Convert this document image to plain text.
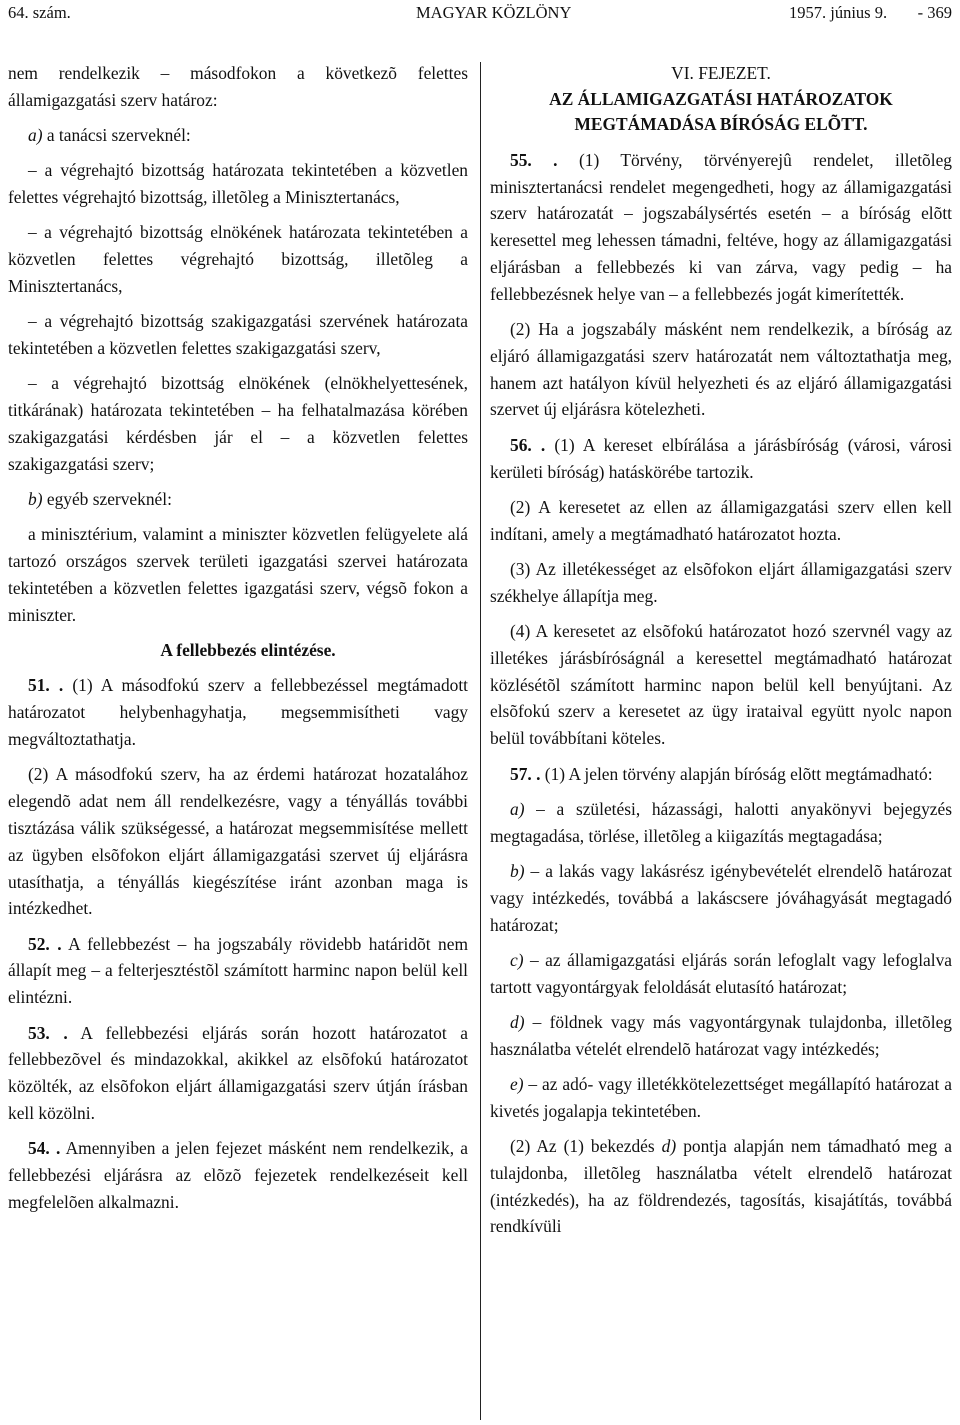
64. szám.	MAGYAR KÖZLÖNY	1957. június 9. - 369

nem rendelkezik – másodfokon a következõ felettes államigazgatási szerv határoz:

a) a tanácsi szerveknél:

– a végrehajtó bizottság határozata tekintetében a közvetlen felettes végrehajtó bizottság, illetõleg a Minisztertanács,

– a végrehajtó bizottság elnökének határozata tekintetében a közvetlen felettes végrehajtó bizottság, illetõleg a Minisztertanács,

– a végrehajtó bizottság szakigazgatási szervének határozata tekintetében a közvetlen felettes szakigazgatási szerv,

– a végrehajtó bizottság elnökének (elnökhelyettesének, titkárának) határozata tekintetében – ha felhatalmazása körében szakigazgatási kérdésben jár el – a közvetlen felettes szakigazgatási szerv;

b) egyéb szerveknél:

a minisztérium, valamint a miniszter közvetlen felügyelete alá tartozó országos szervek területi igazgatási szervei határozata tekintetében a közvetlen felettes igazgatási szerv, végsõ fokon a miniszter.

A fellebbezés elintézése.

51. . (1) A másodfokú szerv a fellebbezéssel megtámadott határozatot helybenhagyhatja, megsemmisítheti vagy megváltoztathatja.

(2) A másodfokú szerv, ha az érdemi határozat hozatalához elegendõ adat nem áll rendelkezésre, vagy a tényállás további tisztázása válik szükségessé, a határozat megsemmisítése mellett az ügyben elsõfokon eljárt államigazgatási szervet új eljárásra utasíthatja, a tényállás kiegészítése iránt azonban maga is intézkedhet.

52. . A fellebbezést – ha jogszabály rövidebb határidõt nem állapít meg – a felterjesztéstõl számított harminc napon belül kell elintézni.

53. . A fellebbezési eljárás során hozott határozatot a fellebbezõvel és mindazokkal, akikkel az elsõfokú határozatot közölték, az elsõfokon eljárt államigazgatási szerv útján írásban kell közölni.

54. . Amennyiben a jelen fejezet másként nem rendelkezik, a fellebbezési eljárásra az elõzõ fejezetek rendelkezéseit kell megfelelõen alkalmazni.

VI. FEJEZET.

AZ ÁLLAMIGAZGATÁSI HATÁROZATOK MEGTÁMADÁSA BÍRÓSÁG ELÕTT.

55. . (1) Törvény, törvényerejû rendelet, illetõleg minisztertanácsi rendelet megengedheti, hogy az államigazgatási szerv határozatát – jogszabálysértés esetén – a bíróság elõtt keresettel meg lehessen támadni, feltéve, hogy az államigazgatási eljárásban a fellebbezés ki van zárva, vagy pedig – ha fellebbezésnek helye van – a fellebbezés jogát kimerítették.

(2) Ha a jogszabály másként nem rendelkezik, a bíróság az eljáró államigazgatási szerv határozatát nem változtathatja meg, hanem azt hatályon kívül helyezheti és az eljáró államigazgatási szervet új eljárásra kötelezheti.

56. . (1) A kereset elbírálása a járásbíróság (városi, városi kerületi bíróság) hatáskörébe tartozik.

(2) A keresetet az ellen az államigazgatási szerv ellen kell indítani, amely a megtámadható határozatot hozta.

(3) Az illetékességet az elsõfokon eljárt államigazgatási szerv székhelye állapítja meg.

(4) A keresetet az elsõfokú határozatot hozó szervnél vagy az illetékes járásbíróságnál a keresettel megtámadható határozat közlésétõl számított harminc napon belül kell benyújtani. Az elsõfokú szerv a keresetet az ügy irataival együtt nyolc napon belül továbbítani köteles.

57. . (1) A jelen törvény alapján bíróság elõtt megtámadható:

a) – a születési, házassági, halotti anyakönyvi bejegyzés megtagadása, törlése, illetõleg a kiigazítás megtagadása;

b) – a lakás vagy lakásrész igénybevételét elrendelõ határozat vagy intézkedés, továbbá a lakáscsere jóváhagyását megtagadó határozat;

c) – az államigazgatási eljárás során lefoglalt vagy lefoglalva tartott vagyontárgyak feloldását elutasító határozat;

d) – földnek vagy más vagyontárgynak tulajdonba, illetõleg használatba vételét elrendelõ határozat vagy intézkedés;

e) – az adó- vagy illetékkötelezettséget megállapító határozat a kivetés jogalapja tekintetében.

(2) Az (1) bekezdés d) pontja alapján nem támadható meg a tulajdonba, illetõleg használatba vételt elrendelõ határozat (intézkedés), ha az földrendezés, tagosítás, kisajátítás, továbbá rendkívüli
